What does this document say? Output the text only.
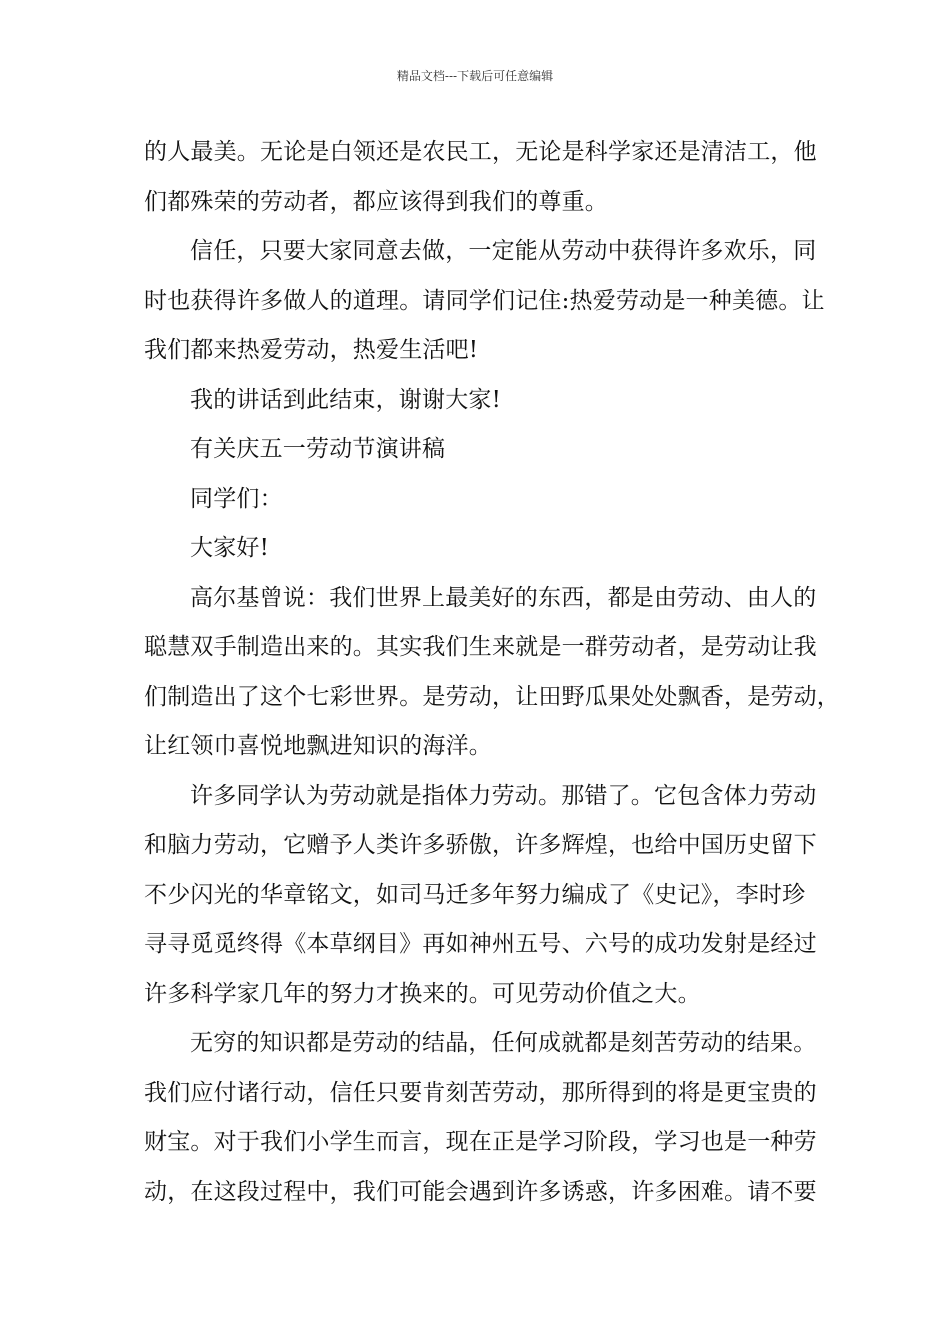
精品文档---下载后可任意编辑
的人最美。无论是白领还是农民工，无论是科学家还是清洁工，他
们都殊荣的劳动者，都应该得到我们的尊重。
信任，只要大家同意去做，一定能从劳动中获得许多欢乐，同
时也获得许多做人的道理。请同学们记住:热爱劳动是一种美德。让
我们都来热爱劳动，热爱生活吧!
我的讲话到此结束，谢谢大家!
有关庆五一劳动节演讲稿
同学们：
大家好!
高尔基曾说：我们世界上最美好的东西，都是由劳动、由人的
聪慧双手制造出来的。其实我们生来就是一群劳动者，是劳动让我
们制造出了这个七彩世界。是劳动，让田野瓜果处处飘香，是劳动，
让红领巾喜悦地飘进知识的海洋。
许多同学认为劳动就是指体力劳动。那错了。它包含体力劳动
和脑力劳动，它赠予人类许多骄傲，许多辉煌，也给中国历史留下
不少闪光的华章铭文，如司马迁多年努力编成了《史记》，李时珍
寻寻觅觅终得《本草纲目》再如神州五号、六号的成功发射是经过
许多科学家几年的努力才换来的。可见劳动价值之大。
无穷的知识都是劳动的结晶，任何成就都是刻苦劳动的结果。
我们应付诸行动，信任只要肯刻苦劳动，那所得到的将是更宝贵的
财宝。对于我们小学生而言，现在正是学习阶段，学习也是一种劳
动，在这段过程中，我们可能会遇到许多诱惑，许多困难。请不要
